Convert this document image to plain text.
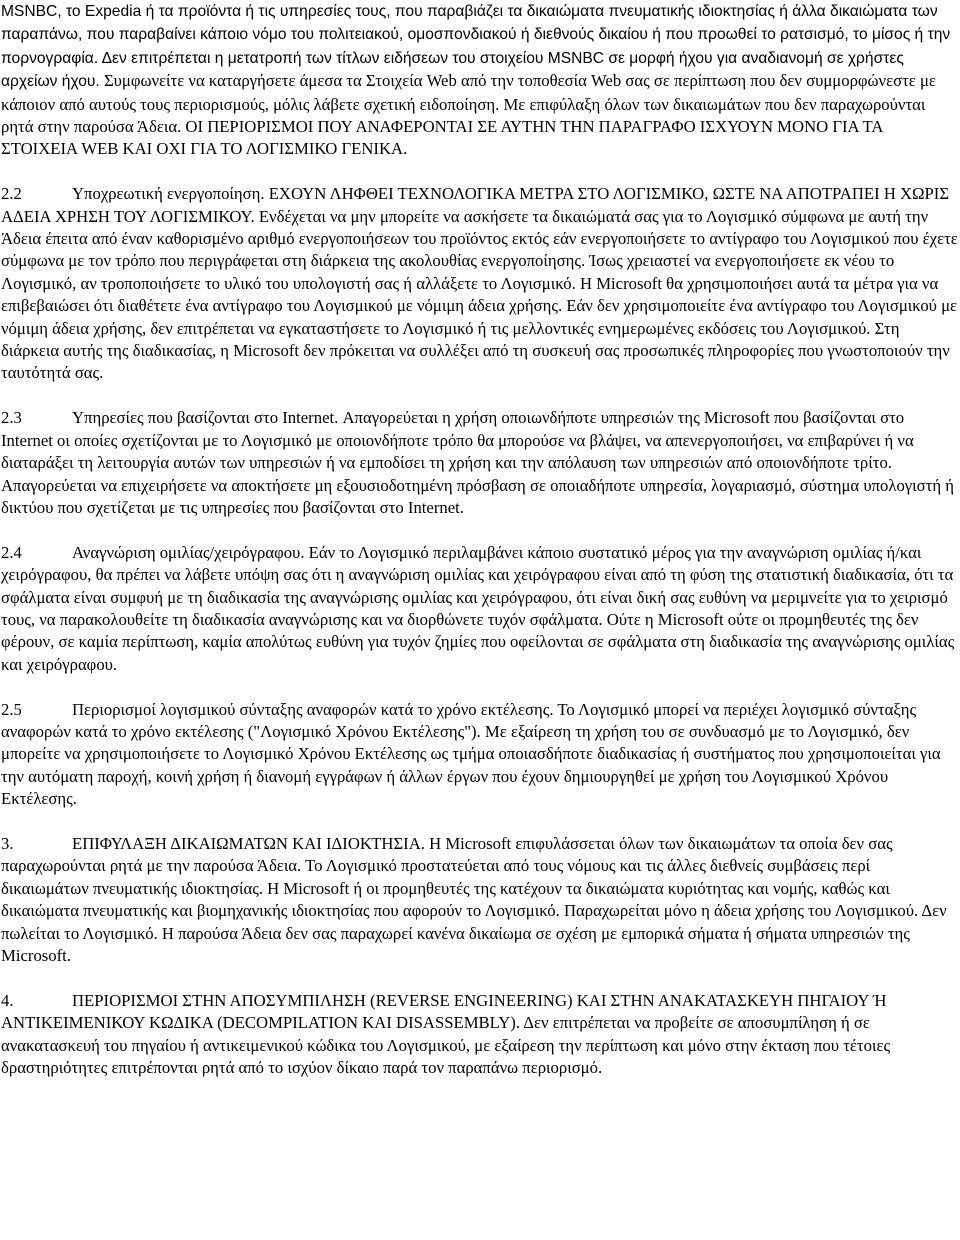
MSNBC, το Expedia ή τα προϊόντα ή τις υπηρεσίες τους, που παραβιάζει τα δικαιώματα πνευματικής ιδιοκτησίας ή άλλα δικαιώματα των παραπάνω, που παραβαίνει κάποιο νόμο του πολιτειακού, ομοσπονδιακού ή διεθνούς δικαίου ή που προωθεί το ρατσισμό, το μίσος ή την πορνογραφία. Δεν επιτρέπεται η μετατροπή των τίτλων ειδήσεων του στοιχείου MSNBC σε μορφή ήχου για αναδιανομή σε χρήστες αρχείων ήχου. Συμφωνείτε να καταργήσετε άμεσα τα Στοιχεία Web από την τοποθεσία Web σας σε περίπτωση που δεν συμμορφώνεστε με κάποιον από αυτούς τους περιορισμούς, μόλις λάβετε σχετική ειδοποίηση. Με επιφύλαξη όλων των δικαιωμάτων που δεν παραχωρούνται ρητά στην παρούσα Άδεια. ΟΙ ΠΕΡΙΟΡΙΣΜΟΙ ΠΟΥ ΑΝΑΦΕΡΟΝΤΑΙ ΣΕ ΑΥΤΗΝ ΤΗΝ ΠΑΡΑΓΡΑΦΟ ΙΣΧΥΟΥΝ ΜΟΝΟ ΓΙΑ ΤΑ ΣΤΟΙΧΕΙΑ WEB ΚΑΙ ΟΧΙ ΓΙΑ ΤΟ ΛΟΓΙΣΜΙΚΟ ΓΕΝΙΚΑ.

2.2	Υποχρεωτική ενεργοποίηση. ΕΧΟΥΝ ΛΗΦΘΕΙ ΤΕΧΝΟΛΟΓΙΚΑ ΜΕΤΡΑ ΣΤΟ ΛΟΓΙΣΜΙΚΟ, ΩΣΤΕ ΝΑ ΑΠΟΤΡΑΠΕΙ Η ΧΩΡΙΣ ΑΔΕΙΑ ΧΡΗΣΗ ΤΟΥ ΛΟΓΙΣΜΙΚΟΥ. Ενδέχεται να μην μπορείτε να ασκήσετε τα δικαιώματά σας για το Λογισμικό σύμφωνα με αυτή την Άδεια έπειτα από έναν καθορισμένο αριθμό ενεργοποιήσεων του προϊόντος εκτός εάν ενεργοποιήσετε το αντίγραφο του Λογισμικού που έχετε σύμφωνα με τον τρόπο που περιγράφεται στη διάρκεια της ακολουθίας ενεργοποίησης. Ίσως χρειαστεί να ενεργοποιήσετε εκ νέου το Λογισμικό, αν τροποποιήσετε το υλικό του υπολογιστή σας ή αλλάξετε το Λογισμικό. Η Microsoft θα χρησιμοποιήσει αυτά τα μέτρα για να επιβεβαιώσει ότι διαθέτετε ένα αντίγραφο του Λογισμικού με νόμιμη άδεια χρήσης. Εάν δεν χρησιμοποιείτε ένα αντίγραφο του Λογισμικού με νόμιμη άδεια χρήσης, δεν επιτρέπεται να εγκαταστήσετε το Λογισμικό ή τις μελλοντικές ενημερωμένες εκδόσεις του Λογισμικού. Στη διάρκεια αυτής της διαδικασίας, η Microsoft δεν πρόκειται να συλλέξει από τη συσκευή σας προσωπικές πληροφορίες που γνωστοποιούν την ταυτότητά σας.

2.3	Υπηρεσίες που βασίζονται στο Internet. Απαγορεύεται η χρήση οποιωνδήποτε υπηρεσιών της Microsoft που βασίζονται στο Internet οι οποίες σχετίζονται με το Λογισμικό με οποιονδήποτε τρόπο θα μπορούσε να βλάψει, να απενεργοποιήσει, να επιβαρύνει ή να διαταράξει τη λειτουργία αυτών των υπηρεσιών ή να εμποδίσει τη χρήση και την απόλαυση των υπηρεσιών από οποιονδήποτε τρίτο. Απαγορεύεται να επιχειρήσετε να αποκτήσετε μη εξουσιοδοτημένη πρόσβαση σε οποιαδήποτε υπηρεσία, λογαριασμό, σύστημα υπολογιστή ή δικτύου που σχετίζεται με τις υπηρεσίες που βασίζονται στο Internet.

2.4	Αναγνώριση ομιλίας/χειρόγραφου. Εάν το Λογισμικό περιλαμβάνει κάποιο συστατικό μέρος για την αναγνώριση ομιλίας ή/και χειρόγραφου, θα πρέπει να λάβετε υπόψη σας ότι η αναγνώριση ομιλίας και χειρόγραφου είναι από τη φύση της στατιστική διαδικασία, ότι τα σφάλματα είναι συμφυή με τη διαδικασία της αναγνώρισης ομιλίας και χειρόγραφου, ότι είναι δική σας ευθύνη να μεριμνείτε για το χειρισμό τους, να παρακολουθείτε τη διαδικασία αναγνώρισης και να διορθώνετε τυχόν σφάλματα. Ούτε η Microsoft ούτε οι προμηθευτές της δεν φέρουν, σε καμία περίπτωση, καμία απολύτως ευθύνη για τυχόν ζημίες που οφείλονται σε σφάλματα στη διαδικασία της αναγνώρισης ομιλίας και χειρόγραφου.

2.5	Περιορισμοί λογισμικού σύνταξης αναφορών κατά το χρόνο εκτέλεσης. Το Λογισμικό μπορεί να περιέχει λογισμικό σύνταξης αναφορών κατά το χρόνο εκτέλεσης ("Λογισμικό Χρόνου Εκτέλεσης"). Με εξαίρεση τη χρήση του σε συνδυασμό με το Λογισμικό, δεν μπορείτε να χρησιμοποιήσετε το Λογισμικό Χρόνου Εκτέλεσης ως τμήμα οποιασδήποτε διαδικασίας ή συστήματος που χρησιμοποιείται για την αυτόματη παροχή, κοινή χρήση ή διανομή εγγράφων ή άλλων έργων που έχουν δημιουργηθεί με χρήση του Λογισμικού Χρόνου Εκτέλεσης.

3.	ΕΠΙΦΥΛΑΞΗ ΔΙΚΑΙΩΜΑΤΩΝ ΚΑΙ ΙΔΙΟΚΤΗΣΙΑ. Η Microsoft επιφυλάσσεται όλων των δικαιωμάτων τα οποία δεν σας παραχωρούνται ρητά με την παρούσα Άδεια. Το Λογισμικό προστατεύεται από τους νόμους και τις άλλες διεθνείς συμβάσεις περί δικαιωμάτων πνευματικής ιδιοκτησίας. Η Microsoft ή οι προμηθευτές της κατέχουν τα δικαιώματα κυριότητας και νομής, καθώς και δικαιώματα πνευματικής και βιομηχανικής ιδιοκτησίας που αφορούν το Λογισμικό. Παραχωρείται μόνο η άδεια χρήσης του Λογισμικού. Δεν πωλείται το Λογισμικό. Η παρούσα Άδεια δεν σας παραχωρεί κανένα δικαίωμα σε σχέση με εμπορικά σήματα ή σήματα υπηρεσιών της Microsoft.

4.	ΠΕΡΙΟΡΙΣΜΟΙ ΣΤΗΝ ΑΠΟΣΥΜΠΙΛΗΣΗ (REVERSE ENGINEERING) ΚΑΙ ΣΤΗΝ ΑΝΑΚΑΤΑΣΚΕΥΗ ΠΗΓΑΙΟΥ Ή ΑΝΤΙΚΕΙΜΕΝΙΚΟΥ ΚΩΔΙΚΑ (DECOMPILATION ΚΑΙ DISASSEMBLY). Δεν επιτρέπεται να προβείτε σε αποσυμπίληση ή σε ανακατασκευή του πηγαίου ή αντικειμενικού κώδικα του Λογισμικού, με εξαίρεση την περίπτωση και μόνο στην έκταση που τέτοιες δραστηριότητες επιτρέπονται ρητά από το ισχύον δίκαιο παρά τον παραπάνω περιορισμό.
